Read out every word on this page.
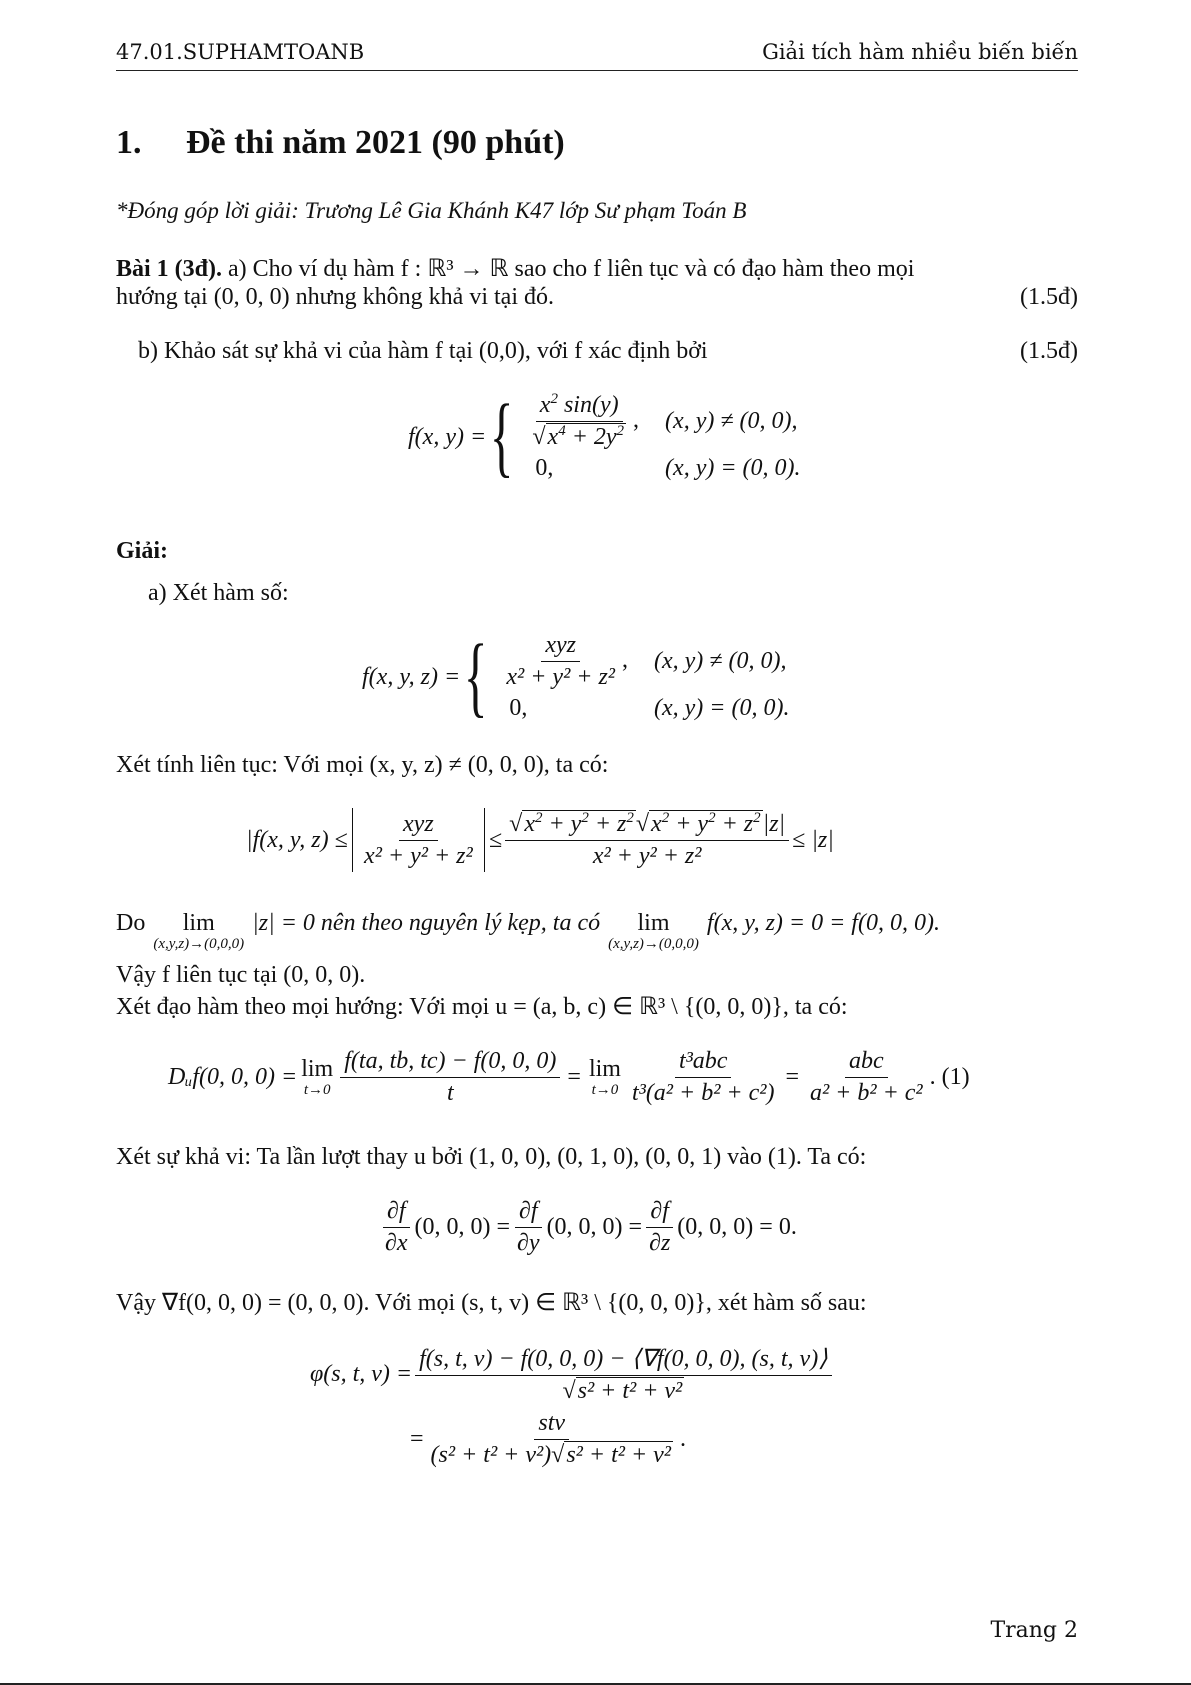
47.01.SUPHAMTOANB	Giải tích hàm nhiều biến biến
1. Đề thi năm 2021 (90 phút)
*Đóng góp lời giải: Trương Lê Gia Khánh K47 lớp Sư phạm Toán B
Bài 1 (3đ). a) Cho ví dụ hàm f : ℝ³ → ℝ sao cho f liên tục và có đạo hàm theo mọi
hướng tại (0, 0, 0) nhưng không khả vi tại đó.	(1.5đ)
b) Khảo sát sự khả vi của hàm f tại (0,0), với f xác định bởi	(1.5đ)
f(x, y) = { $\frac{x^2 \sin(y)}{√x^4 + 2y^2}$ , (x, y) ≠ (0, 0),
0,	(x, y) = (0, 0).
Giải:
a) Xét hàm số:
f(x, y, z) = { $\frac{\text{xyz}}{\text{x² + y² + z²}}$ , (x, y) ≠ (0, 0),
0,	(x, y) = (0, 0).
Xét tính liên tục: Với mọi (x, y, z) ≠ (0, 0, 0), ta có:
|f(x, y, $z) \le \frac{\text{xyz}}{\text{x² + y² + z²}} \le \frac{√x^2 + y^2 + z^2√x^2 + y^2 + z^2|z|}{\text{x² + y² + z²}} \le |z|$
Do lim
(x,y,z)→(0,0,0)
|z| = 0 nên theo nguyên lý kẹp, ta có lim
(x,y,z)→(0,0,0)
f(x, y, z) = 0 = f(0, 0, 0).
Vậy f liên tục tại (0, 0, 0).
Xét đạo hàm theo mọi hướng: Với mọi u = (a, b, c) ∈ ℝ³ \ {(0, 0, 0)}, ta có:
Dᵤf(0, 0, 0) = lim
$t\to 0 \frac{f(ta, tb, tc) - f(0, 0, 0)}{t} = \lim$
$t\to 0 \frac{\text{t³abc}}{\text{t³(a² + b² + c²)}} = \frac{\text{abc}}{\text{a² + b² + c²}}$ . (1)
Xét sự khả vi: Ta lần lượt thay u bởi (1, 0, 0), (0, 1, 0), (0, 0, 1) vào (1). Ta có:
$\frac{\partial f}{\partial x} (0$, 0, $0) = \frac{\partial f}{\partial y} (0$, 0, $0) = \frac{\partial f}{\partial z} (0$, 0, 0) = 0.
Vậy ∇f(0, 0, 0) = (0, 0, 0). Với mọi (s, t, v) ∈ ℝ³ \ {(0, 0, 0)}, xét hàm số sau:
φ(s, t, $v) = \frac{f(s, t, v) - f(0, 0, 0) - ⟨\nabla f(0, 0, 0), (s, t, v)⟩}{\text{√s² + t² + v²}}$
= $\frac{\text{stv}}{\text{(s² + t² + v²)√s² + t² + v²}}$ .
Trang 2
